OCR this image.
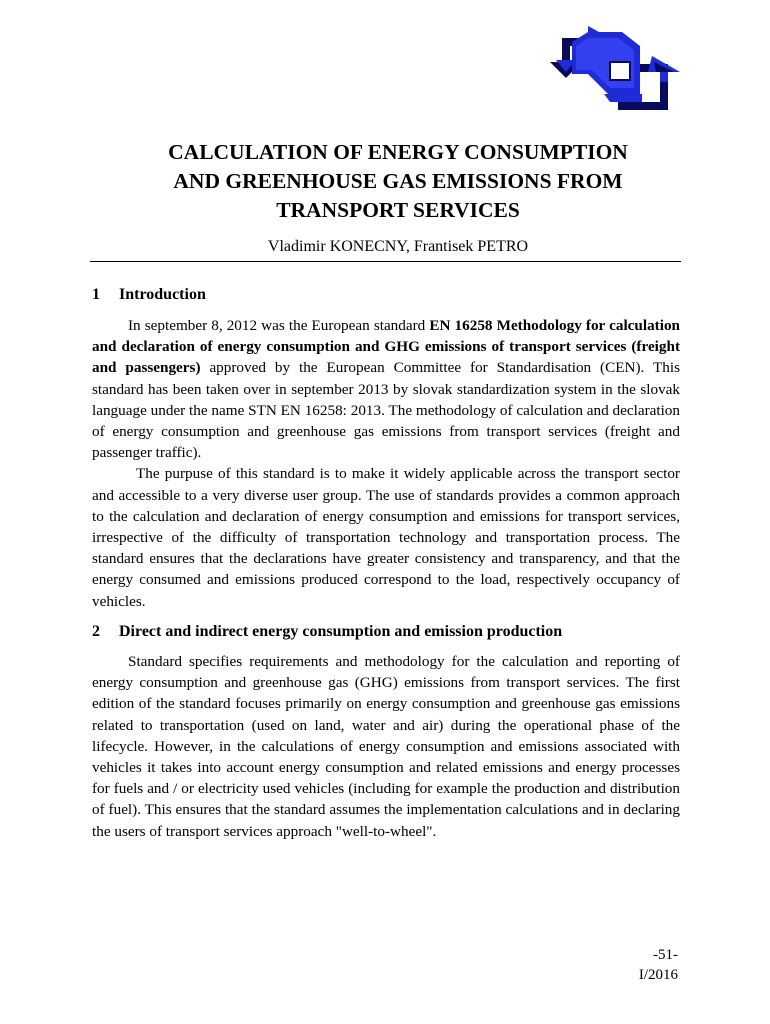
CALCULATION OF ENERGY CONSUMPTION
AND GREENHOUSE GAS EMISSIONS FROM
TRANSPORT SERVICES

Vladimir KONECNY, Frantisek PETRO

1 Introduction

In september 8, 2012 was the European standard EN 16258 Methodology for calculation and declaration of energy consumption and GHG emissions of transport services (freight and passengers) approved by the European Committee for Standardisation (CEN). This standard has been taken over in september 2013 by slovak standardization system in the slovak language under the name STN EN 16258: 2013. The methodology of calculation and declaration of energy consumption and greenhouse gas emissions from transport services (freight and passenger traffic).

The purpuse of this standard is to make it widely applicable across the transport sector and accessible to a very diverse user group. The use of standards provides a common approach to the calculation and declaration of energy consumption and emissions for transport services, irrespective of the difficulty of transportation technology and transportation process. The standard ensures that the declarations have greater consistency and transparency, and that the energy consumed and emissions produced correspond to the load, respectively occupancy of vehicles.

2 Direct and indirect energy consumption and emission production

Standard specifies requirements and methodology for the calculation and reporting of energy consumption and greenhouse gas (GHG) emissions from transport services. The first edition of the standard focuses primarily on energy consumption and greenhouse gas emissions related to transportation (used on land, water and air) during the operational phase of the lifecycle. However, in the calculations of energy consumption and emissions associated with vehicles it takes into account energy consumption and related emissions and energy processes for fuels and / or electricity used vehicles (including for example the production and distribution of fuel). This ensures that the standard assumes the implementation calculations and in declaring the users of transport services approach "well-to-wheel".

-51-
I/2016
